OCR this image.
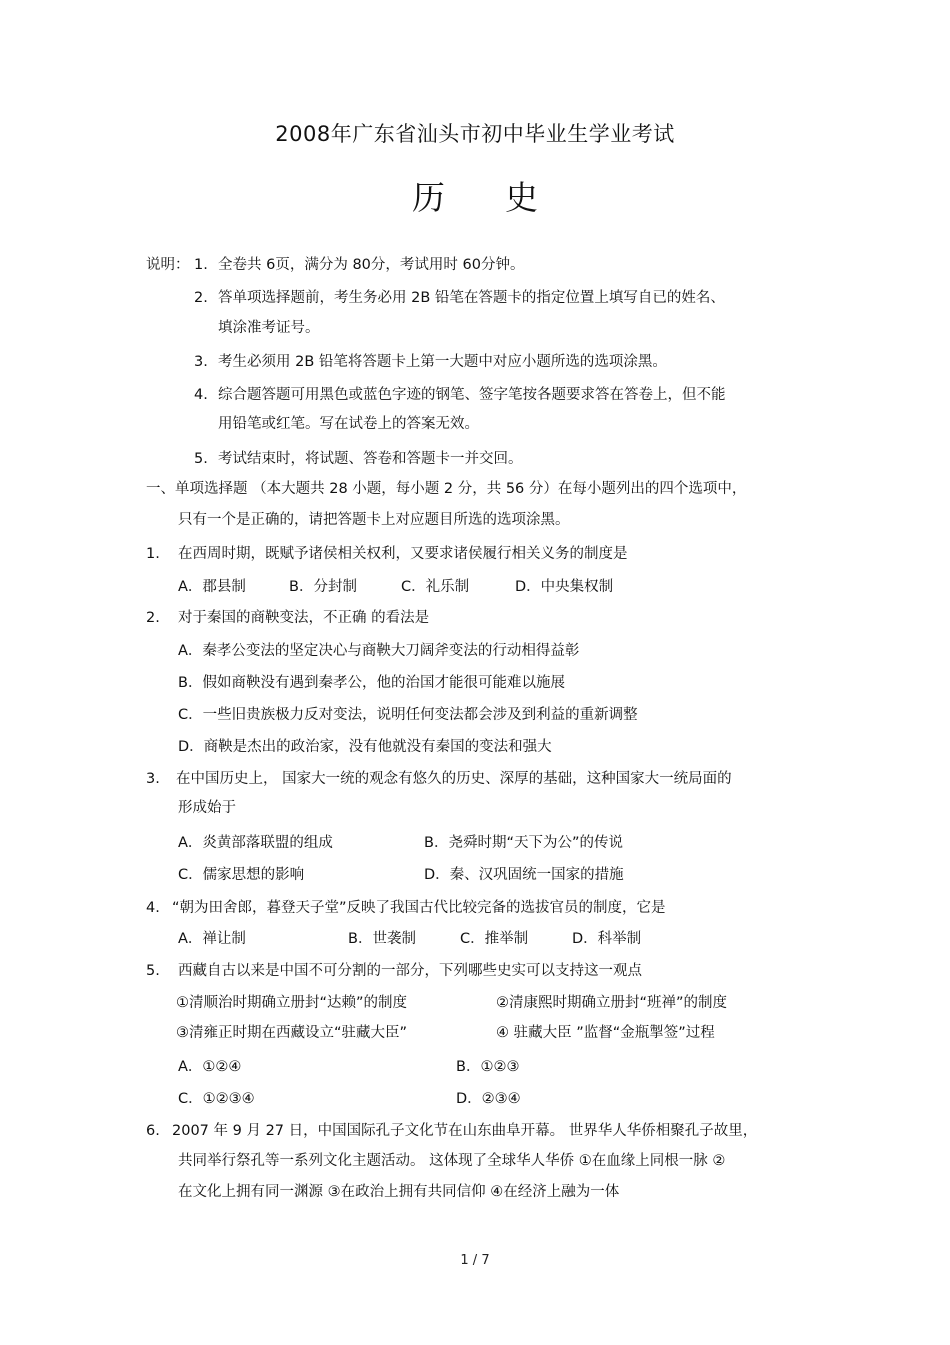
2008年广东省汕头市初中毕业生学业考试
历 史
说明： 1. 全卷共 6页，满分为 80分，考试用时 60分钟。
2. 答单项选择题前，考生务必用 2B 铅笔在答题卡的指定位置上填写自已的姓名、
填涂准考证号。
3. 考生必须用 2B 铅笔将答题卡上第一大题中对应小题所选的选项涂黑。
4. 综合题答题可用黑色或蓝色字迹的钢笔、签字笔按各题要求答在答卷上，但不能
用铅笔或红笔。写在试卷上的答案无效。
5. 考试结束时，将试题、答卷和答题卡一并交回。
一、单项选择题 （本大题共 28 小题，每小题 2 分，共 56 分）在每小题列出的四个选项中，
只有一个是正确的，请把答题卡上对应题目所选的选项涂黑。
1. 在西周时期，既赋予诸侯相关权利，又要求诸侯履行相关义务的制度是
A．郡县制	B．分封制	C．礼乐制	D．中央集权制
2. 对于秦国的商鞅变法，不正确 的看法是
A．秦孝公变法的坚定决心与商鞅大刀阔斧变法的行动相得益彰
B．假如商鞅没有遇到秦孝公，他的治国才能很可能难以施展
C．一些旧贵族极力反对变法，说明任何变法都会涉及到利益的重新调整
D．商鞅是杰出的政治家，没有他就没有秦国的变法和强大
3. 在中国历史上， 国家大一统的观念有悠久的历史、深厚的基础，这种国家大一统局面的
形成始于
A．炎黄部落联盟的组成	B．尧舜时期“天下为公”的传说
C．儒家思想的影响	D．秦、汉巩固统一国家的措施
4. “朝为田舍郎，暮登天子堂”反映了我国古代比较完备的选拔官员的制度，它是
A．禅让制	B．世袭制	C．推举制	D．科举制
5. 西藏自古以来是中国不可分割的一部分，下列哪些史实可以支持这一观点
①清顺治时期确立册封“达赖”的制度	②清康熙时期确立册封“班禅”的制度
③清雍正时期在西藏设立“驻藏大臣”	④ 驻藏大臣 ”监督“金瓶掣签”过程
A．①②④	B．①②③
C．①②③④	D．②③④
6. 2007 年 9 月 27 日，中国国际孔子文化节在山东曲阜开幕。 世界华人华侨相聚孔子故里，
共同举行祭孔等一系列文化主题活动。 这体现了全球华人华侨 ①在血缘上同根一脉 ②
在文化上拥有同一渊源 ③在政治上拥有共同信仰 ④在经济上融为一体
1 / 7
